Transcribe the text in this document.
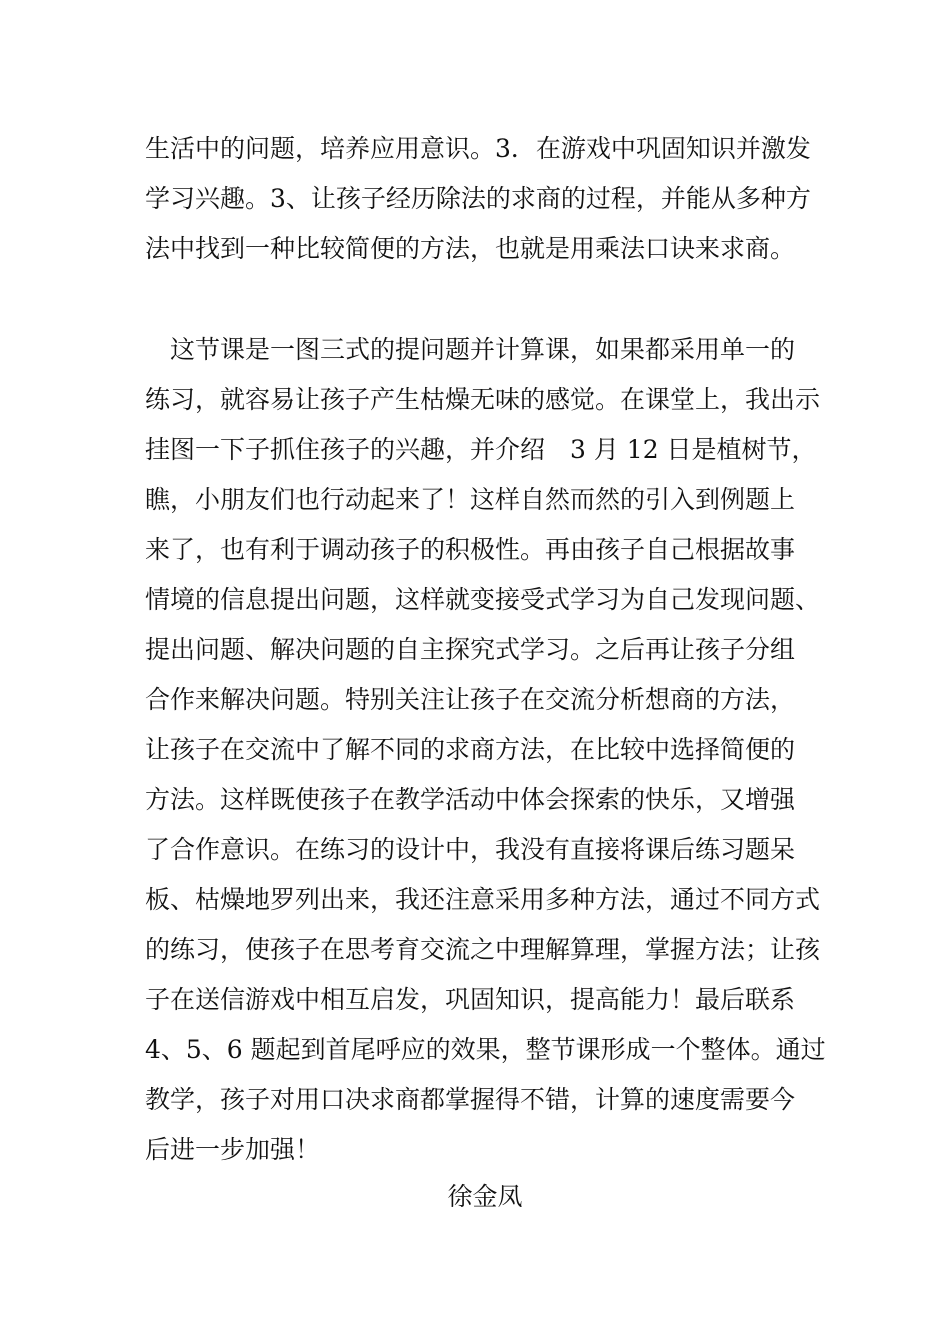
生活中的问题，培养应用意识。3．在游戏中巩固知识并激发
学习兴趣。3、让孩子经历除法的求商的过程，并能从多种方
法中找到一种比较简便的方法，也就是用乘法口诀来求商。
　这节课是一图三式的提问题并计算课，如果都采用单一的
练习，就容易让孩子产生枯燥无味的感觉。在课堂上，我出示
挂图一下子抓住孩子的兴趣，并介绍　3 月 12 日是植树节，
瞧，小朋友们也行动起来了！这样自然而然的引入到例题上
来了，也有利于调动孩子的积极性。再由孩子自己根据故事
情境的信息提出问题，这样就变接受式学习为自己发现问题、
提出问题、解决问题的自主探究式学习。之后再让孩子分组
合作来解决问题。特别关注让孩子在交流分析想商的方法，
让孩子在交流中了解不同的求商方法，在比较中选择简便的
方法。这样既使孩子在教学活动中体会探索的快乐，又增强
了合作意识。在练习的设计中，我没有直接将课后练习题呆
板、枯燥地罗列出来，我还注意采用多种方法，通过不同方式
的练习，使孩子在思考育交流之中理解算理，掌握方法；让孩
子在送信游戏中相互启发，巩固知识，提高能力！最后联系
4、5、6 题起到首尾呼应的效果，整节课形成一个整体。通过
教学，孩子对用口决求商都掌握得不错，计算的速度需要今
后进一步加强！
徐金凤
